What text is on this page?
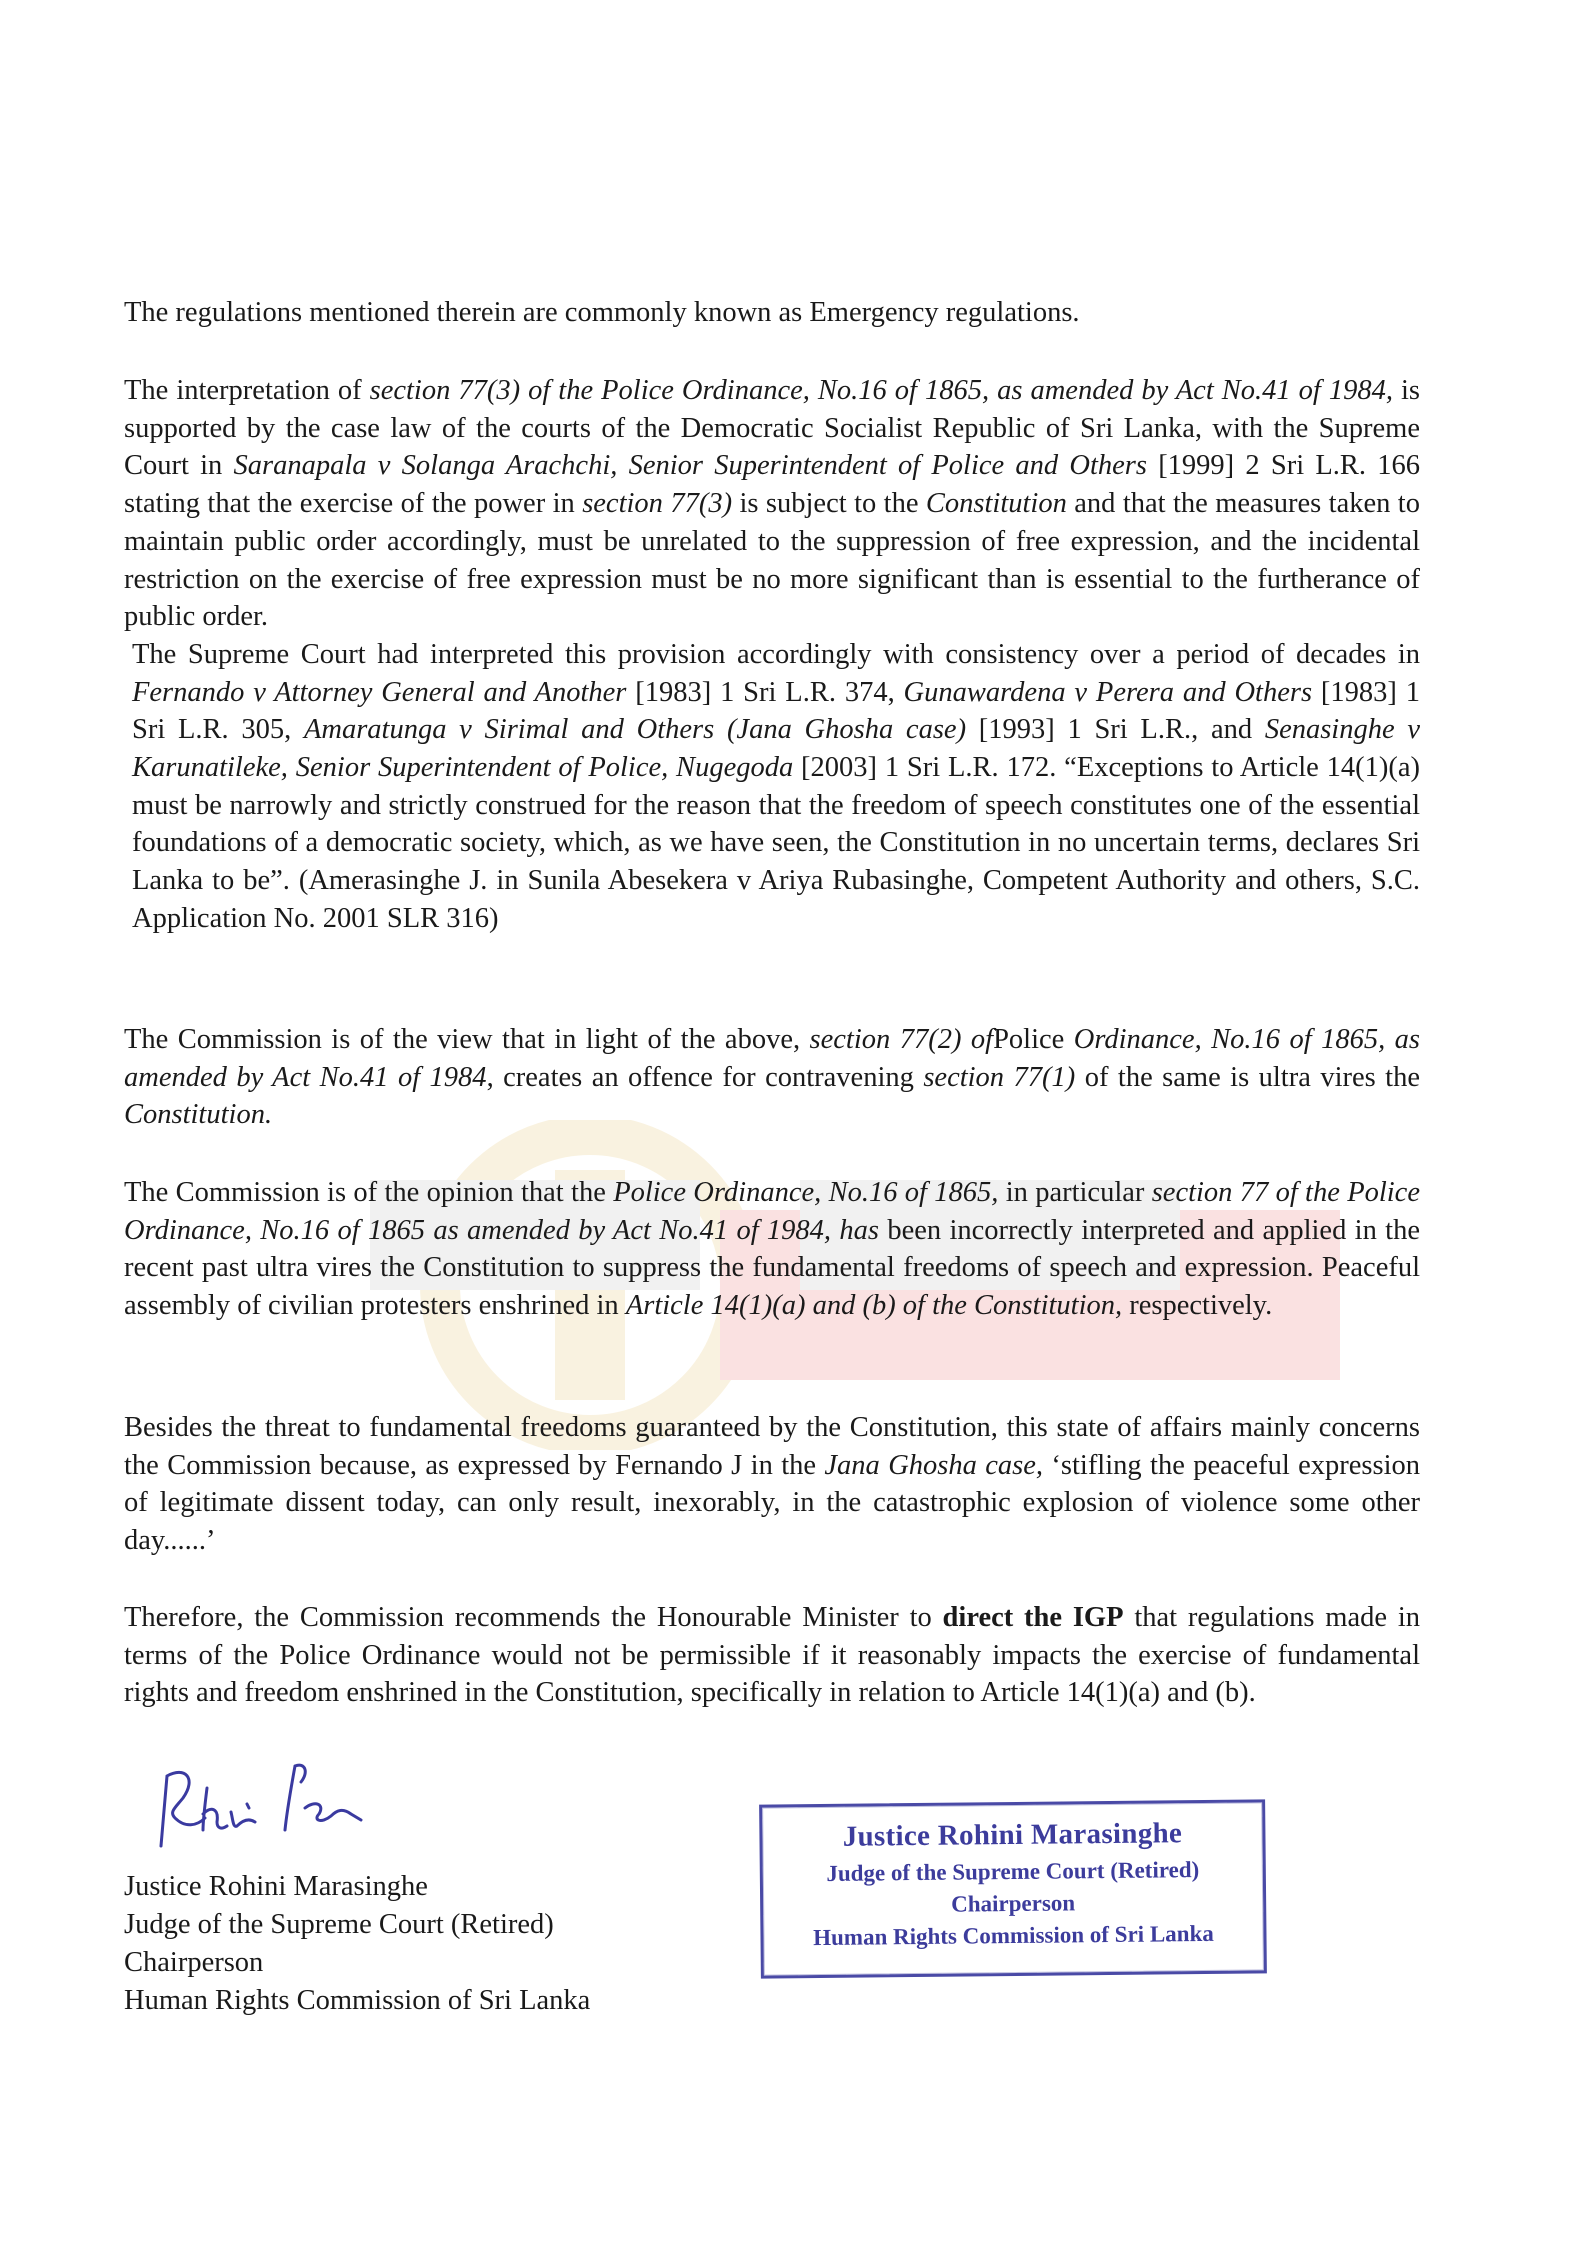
The regulations mentioned therein are commonly known as Emergency regulations.

The interpretation of section 77(3) of the Police Ordinance, No.16 of 1865, as amended by Act No.41 of 1984, is supported by the case law of the courts of the Democratic Socialist Republic of Sri Lanka, with the Supreme Court in Saranapala v Solanga Arachchi, Senior Superintendent of Police and Others [1999] 2 Sri L.R. 166 stating that the exercise of the power in section 77(3) is subject to the Constitution and that the measures taken to maintain public order accordingly, must be unrelated to the suppression of free expression, and the incidental restriction on the exercise of free expression must be no more significant than is essential to the furtherance of public order.

The Supreme Court had interpreted this provision accordingly with consistency over a period of decades in Fernando v Attorney General and Another [1983] 1 Sri L.R. 374, Gunawardena v Perera and Others [1983] 1 Sri L.R. 305, Amaratunga v Sirimal and Others (Jana Ghosha case) [1993] 1 Sri L.R., and Senasinghe v Karunatileke, Senior Superintendent of Police, Nugegoda [2003] 1 Sri L.R. 172. “Exceptions to Article 14(1)(a) must be narrowly and strictly construed for the reason that the freedom of speech constitutes one of the essential foundations of a democratic society, which, as we have seen, the Constitution in no uncertain terms, declares Sri Lanka to be”. (Amerasinghe J. in Sunila Abesekera v Ariya Rubasinghe, Competent Authority and others, S.C. Application No. 2001 SLR 316)

The Commission is of the view that in light of the above, section 77(2) ofPolice Ordinance, No.16 of 1865, as amended by Act No.41 of 1984, creates an offence for contravening section 77(1) of the same is ultra vires the Constitution.

The Commission is of the opinion that the Police Ordinance, No.16 of 1865, in particular section 77 of the Police Ordinance, No.16 of 1865 as amended by Act No.41 of 1984, has been incorrectly interpreted and applied in the recent past ultra vires the Constitution to suppress the fundamental freedoms of speech and expression. Peaceful assembly of civilian protesters enshrined in Article 14(1)(a) and (b) of the Constitution, respectively.

Besides the threat to fundamental freedoms guaranteed by the Constitution, this state of affairs mainly concerns the Commission because, as expressed by Fernando J in the Jana Ghosha case, ‘stifling the peaceful expression of legitimate dissent today, can only result, inexorably, in the catastrophic explosion of violence some other day......’

Therefore, the Commission recommends the Honourable Minister to direct the IGP that regulations made in terms of the Police Ordinance would not be permissible if it reasonably impacts the exercise of fundamental rights and freedom enshrined in the Constitution, specifically in relation to Article 14(1)(a) and (b).

Justice Rohini Marasinghe
Judge of the Supreme Court (Retired)
Chairperson
Human Rights Commission of Sri Lanka
Justice Rohini Marasinghe
Judge of the Supreme Court (Retired)
Chairperson
Human Rights Commission of Sri Lanka
